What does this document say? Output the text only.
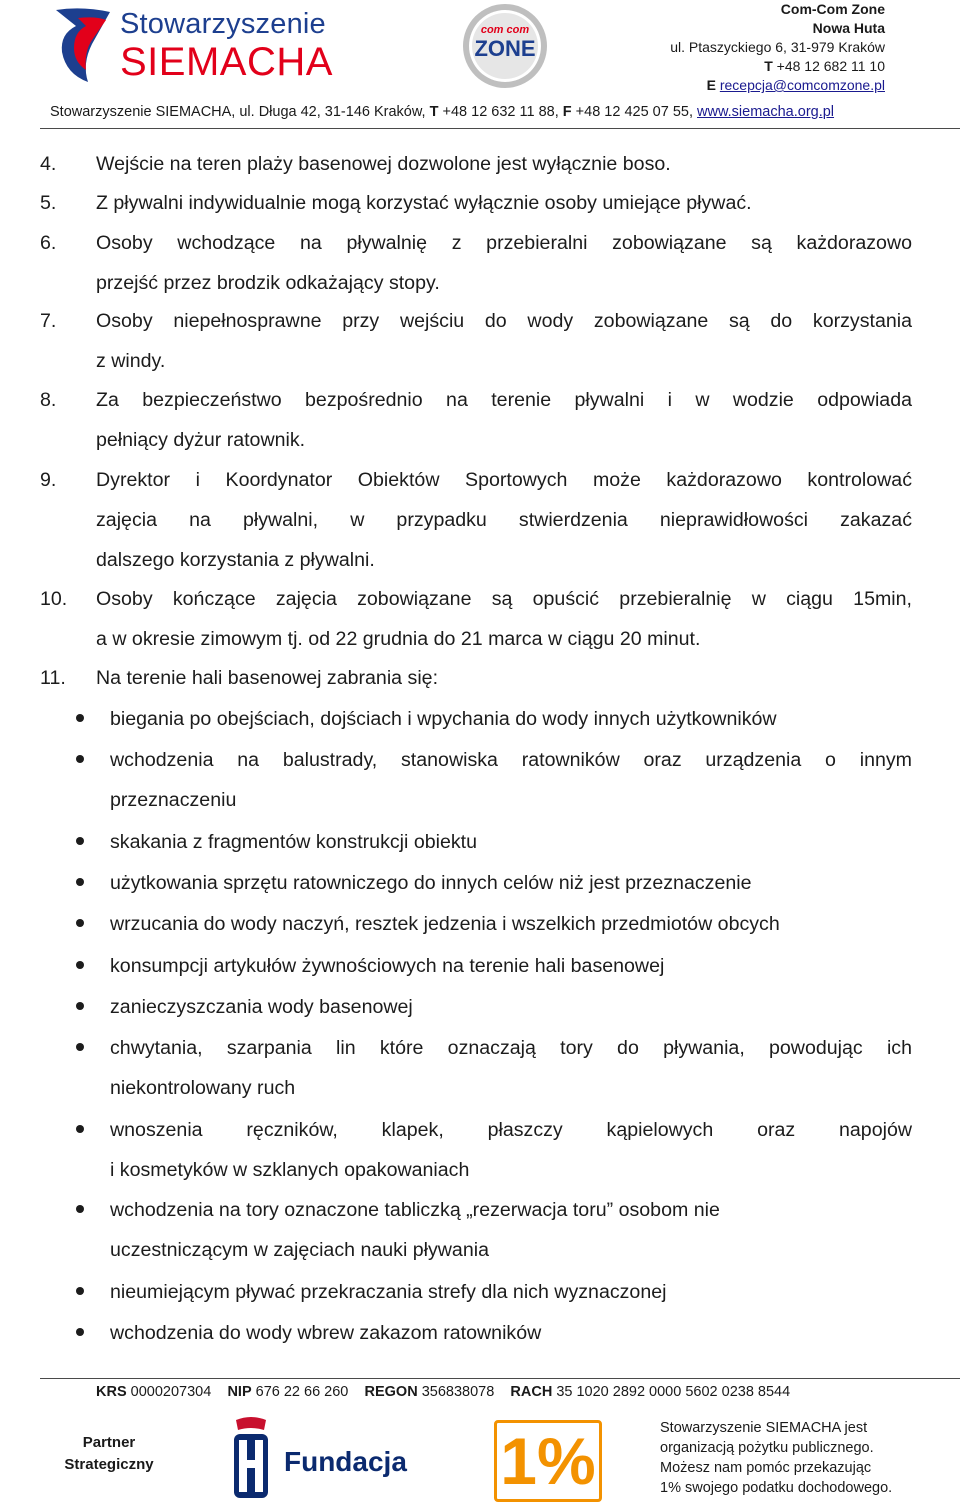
Stowarzyszenie
SIEMACHA
com com
ZONE
Com-Com Zone
Nowa Huta
ul. Ptaszyckiego 6, 31-979 Kraków
T +48 12 682 11 10
E recepcja@comcomzone.pl
Stowarzyszenie SIEMACHA, ul. Długa 42, 31-146 Kraków, T +48 12 632 11 88, F +48 12 425 07 55, www.siemacha.org.pl
4. Wejście na teren plaży basenowej dozwolone jest wyłącznie boso.
5. Z pływalni indywidualnie mogą korzystać wyłącznie osoby umiejące pływać.
6. Osoby wchodzące na pływalnię z przebieralni zobowiązane są każdorazowo
przejść przez brodzik odkażający stopy.
7. Osoby niepełnosprawne przy wejściu do wody zobowiązane są do korzystania
z windy.
8. Za bezpieczeństwo bezpośrednio na terenie pływalni i w wodzie odpowiada
pełniący dyżur ratownik.
9. Dyrektor i Koordynator Obiektów Sportowych może każdorazowo kontrolować
zajęcia na pływalni, w przypadku stwierdzenia nieprawidłowości zakazać
dalszego korzystania z pływalni.
10. Osoby kończące zajęcia zobowiązane są opuścić przebieralnię w ciągu 15min,
a w okresie zimowym tj. od 22 grudnia do 21 marca w ciągu 20 minut.
11. Na terenie hali basenowej zabrania się:
biegania po obejściach, dojściach i wpychania do wody innych użytkowników
wchodzenia na balustrady, stanowiska ratowników oraz urządzenia o innym
przeznaczeniu
skakania z fragmentów konstrukcji obiektu
użytkowania sprzętu ratowniczego do innych celów niż jest przeznaczenie
wrzucania do wody naczyń, resztek jedzenia i wszelkich przedmiotów obcych
konsumpcji artykułów żywnościowych na terenie hali basenowej
zanieczyszczania wody basenowej
chwytania, szarpania lin które oznaczają tory do pływania, powodując ich
niekontrolowany ruch
wnoszenia ręczników, klapek, płaszczy kąpielowych oraz napojów
i kosmetyków w szklanych opakowaniach
wchodzenia na tory oznaczone tabliczką „rezerwacja toru” osobom nie
uczestniczącym w zajęciach nauki pływania
nieumiejącym pływać przekraczania strefy dla nich wyznaczonej
wchodzenia do wody wbrew zakazom ratowników
KRS 0000207304 NIP 676 22 66 260 REGON 356838078 RACH 35 1020 2892 0000 5602 0238 8544
Partner
Strategiczny	Fundacja 1%	Stowarzyszenie SIEMACHA jest
organizacją pożytku publicznego.
Możesz nam pomóc przekazując
1% swojego podatku dochodowego.
